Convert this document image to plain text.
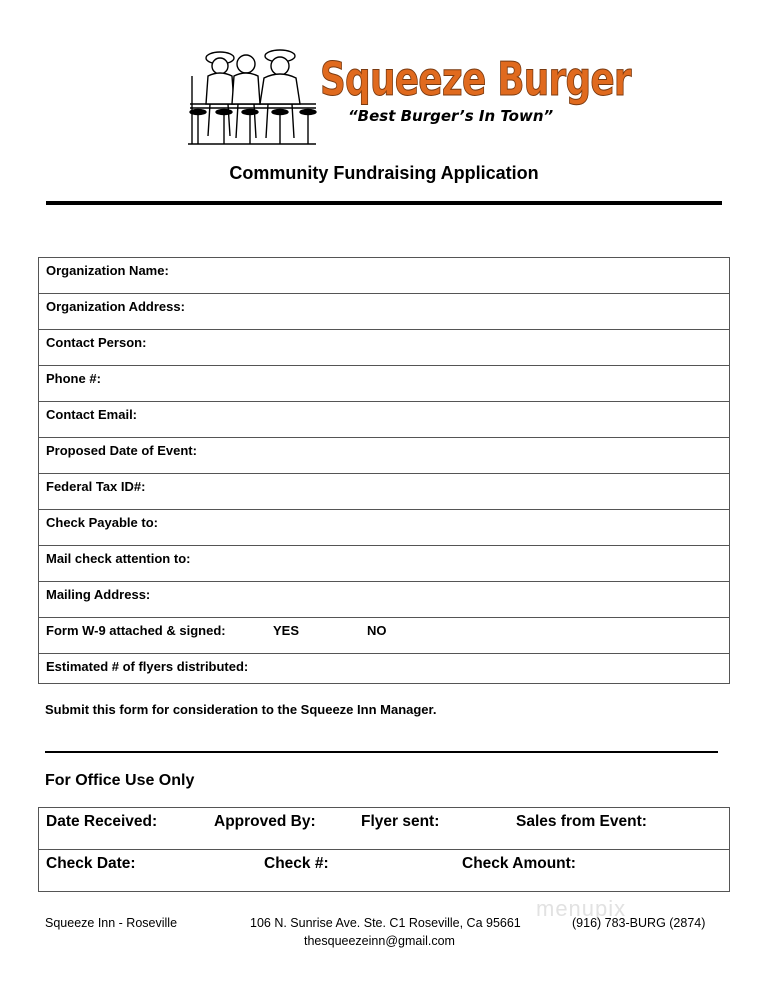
Squeeze Burger
“Best Burger’s In Town”
Community Fundraising Application
Organization Name:
Organization Address:
Contact Person:
Phone #:
Contact Email:
Proposed Date of Event:
Federal Tax ID#:
Check Payable to:
Mail check attention to:
Mailing Address:
Form W-9 attached & signed:	YES	NO
Estimated # of flyers distributed:
Submit this form for consideration to the Squeeze Inn Manager.
For Office Use Only
Date Received:	Approved By:	Flyer sent:	Sales from Event:
Check Date:	Check #:	Check Amount:
menupix
Squeeze Inn - Roseville	106 N. Sunrise Ave. Ste. C1 Roseville, Ca 95661	(916) 783-BURG (2874)
thesqueezeinn@gmail.com
